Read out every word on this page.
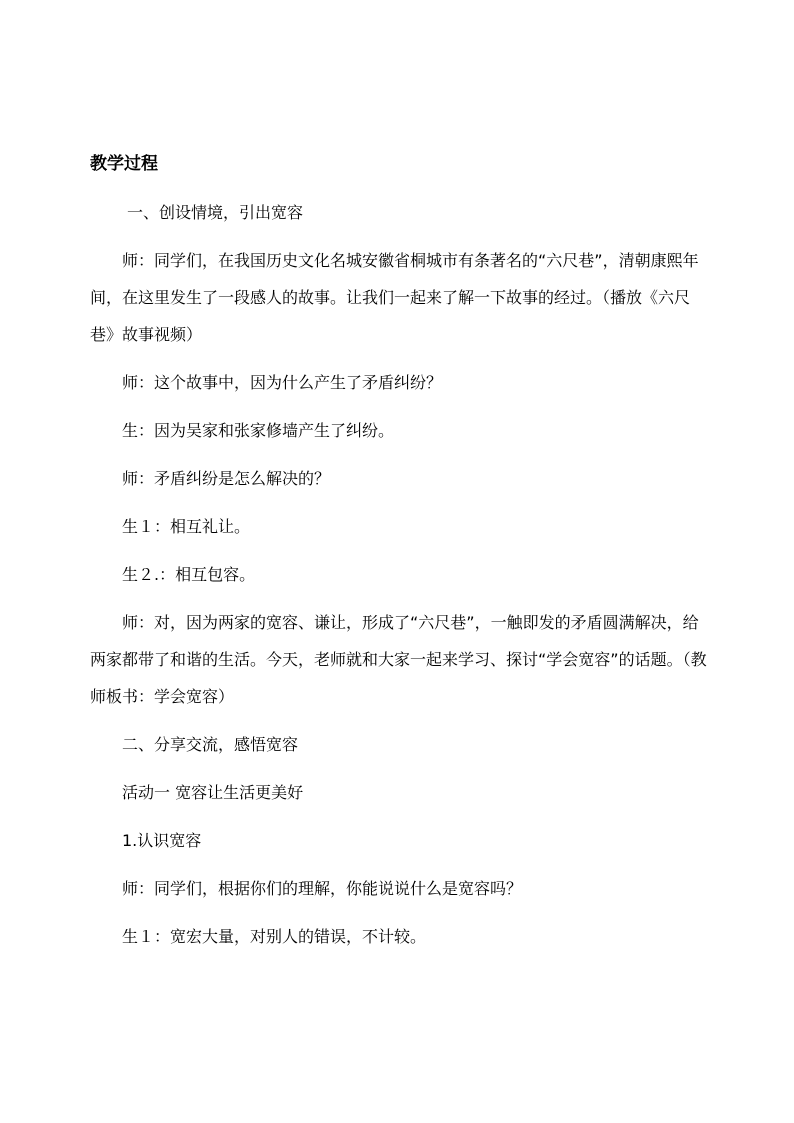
教学过程
一、创设情境，引出宽容
师：同学们，在我国历史文化名城安徽省桐城市有条著名的“六尺巷”，清朝康熙年间，在这里发生了一段感人的故事。让我们一起来了解一下故事的经过。（播放《六尺巷》故事视频）
师：这个故事中，因为什么产生了矛盾纠纷？
生：因为吴家和张家修墙产生了纠纷。
师：矛盾纠纷是怎么解决的？
生１：相互礼让。
生２.：相互包容。
师：对，因为两家的宽容、谦让，形成了“六尺巷”，一触即发的矛盾圆满解决，给两家都带了和谐的生活。今天，老师就和大家一起来学习、探讨“学会宽容”的话题。（教师板书：学会宽容）
二、分享交流，感悟宽容
活动一 宽容让生活更美好
1.认识宽容
师：同学们，根据你们的理解，你能说说什么是宽容吗？
生１：宽宏大量，对别人的错误，不计较。
